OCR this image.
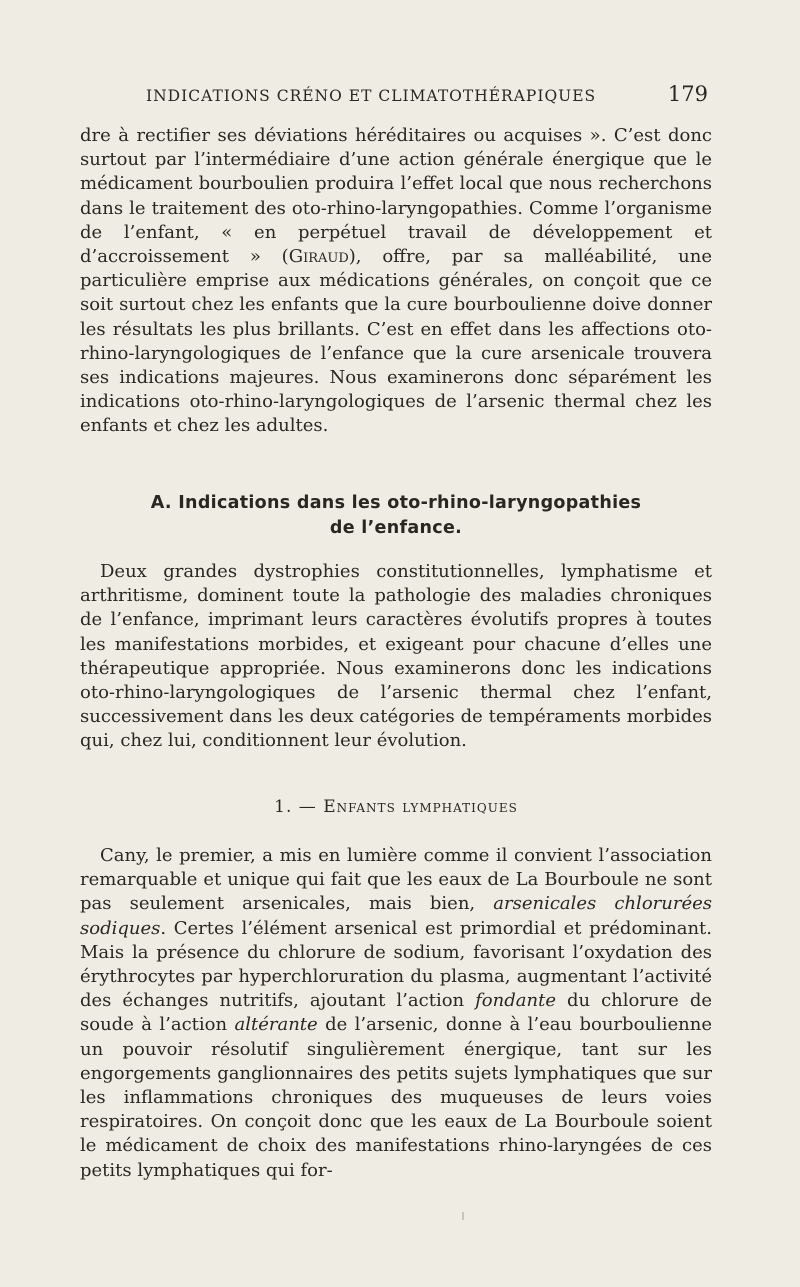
INDICATIONS CRÉNO ET CLIMATOTHÉRAPIQUES	179

dre à rectifier ses déviations héréditaires ou acquises ». C’est donc surtout par l’intermédiaire d’une action générale énergique que le médicament bourboulien produira l’effet local que nous recherchons dans le traitement des oto-rhino-laryngopathies. Comme l’organisme de l’enfant, « en perpétuel travail de développement et d’accroissement » (Giraud), offre, par sa malléabilité, une particulière emprise aux médications générales, on conçoit que ce soit surtout chez les enfants que la cure bourboulienne doive donner les résultats les plus brillants. C’est en effet dans les affections oto-rhino-laryngologiques de l’enfance que la cure arsenicale trouvera ses indications majeures. Nous examinerons donc séparément les indications oto-rhino-laryngologiques de l’arsenic thermal chez les enfants et chez les adultes.

A. Indications dans les oto-rhino-laryngopathies
de l’enfance.

Deux grandes dystrophies constitutionnelles, lymphatisme et arthritisme, dominent toute la pathologie des maladies chroniques de l’enfance, imprimant leurs caractères évolutifs propres à toutes les manifestations morbides, et exigeant pour chacune d’elles une thérapeutique appropriée. Nous examinerons donc les indications oto-rhino-laryngologiques de l’arsenic thermal chez l’enfant, successivement dans les deux catégories de tempéraments morbides qui, chez lui, conditionnent leur évolution.

1. — Enfants lymphatiques

Cany, le premier, a mis en lumière comme il convient l’association remarquable et unique qui fait que les eaux de La Bourboule ne sont pas seulement arsenicales, mais bien, arsenicales chlorurées sodiques. Certes l’élément arsenical est primordial et prédominant. Mais la présence du chlorure de sodium, favorisant l’oxydation des érythrocytes par hyperchloruration du plasma, augmentant l’activité des échanges nutritifs, ajoutant l’action fondante du chlorure de soude à l’action altérante de l’arsenic, donne à l’eau bourboulienne un pouvoir résolutif singulièrement énergique, tant sur les engorgements ganglionnaires des petits sujets lymphatiques que sur les inflammations chroniques des muqueuses de leurs voies respiratoires. On conçoit donc que les eaux de La Bourboule soient le médicament de choix des manifestations rhino-laryngées de ces petits lymphatiques qui for-
